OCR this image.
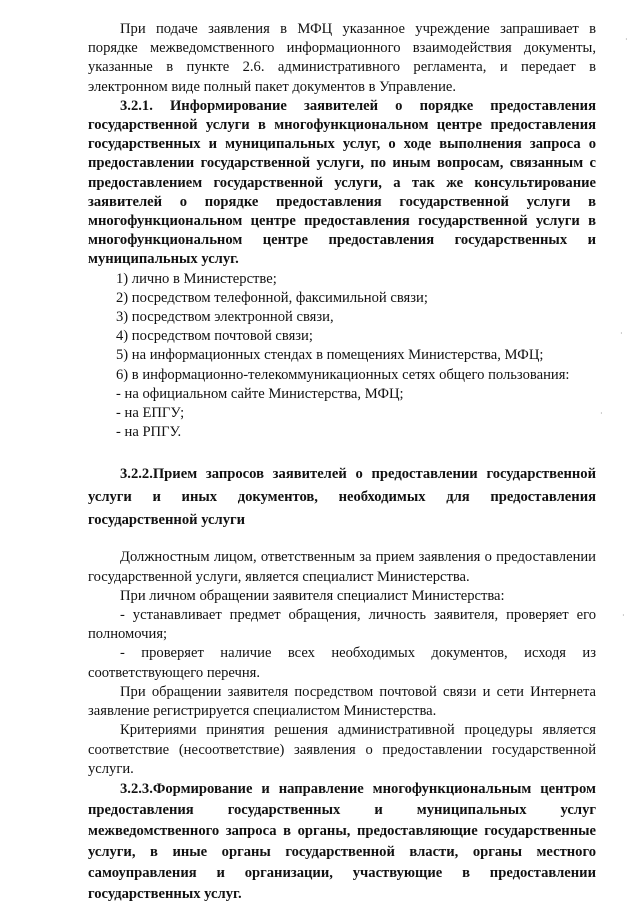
При подаче заявления в МФЦ указанное учреждение запрашивает в порядке межведомственного информационного взаимодействия документы, указанные в пункте 2.6. административного регламента, и передает в электронном виде полный пакет документов в Управление.

3.2.1. Информирование заявителей о порядке предоставления государственной услуги в многофункциональном центре предоставления государственных и муниципальных услуг, о ходе выполнения запроса о предоставлении государственной услуги, по иным вопросам, связанным с предоставлением государственной услуги, а так же консультирование заявителей о порядке предоставления государственной услуги в многофункциональном центре предоставления государственной услуги в многофункциональном центре предоставления государственных и муниципальных услуг.

1) лично в Министерстве;

2) посредством телефонной, факсимильной связи;

3) посредством электронной связи,

4) посредством почтовой связи;

5) на информационных стендах в помещениях Министерства, МФЦ;

6) в информационно-телекоммуникационных сетях общего пользования:

- на официальном сайте Министерства, МФЦ;

- на ЕПГУ;

- на РПГУ.

3.2.2.Прием запросов заявителей о предоставлении государственной услуги и иных документов, необходимых для предоставления государственной услуги

Должностным лицом, ответственным за прием заявления о предоставлении государственной услуги, является специалист Министерства.

При личном обращении заявителя специалист Министерства:

- устанавливает предмет обращения, личность заявителя, проверяет его полномочия;

- проверяет наличие всех необходимых документов, исходя из соответствующего перечня.

При обращении заявителя посредством почтовой связи и сети Интернета заявление регистрируется специалистом Министерства.

Критериями принятия решения административной процедуры является соответствие (несоответствие) заявления о предоставлении государственной услуги.

3.2.3.Формирование и направление многофункциональным центром предоставления государственных и муниципальных услуг межведомственного запроса в органы, предоставляющие государственные услуги, в иные органы государственной власти, органы местного самоуправления и организации, участвующие в предоставлении государственных услуг.

·
·
·
·
